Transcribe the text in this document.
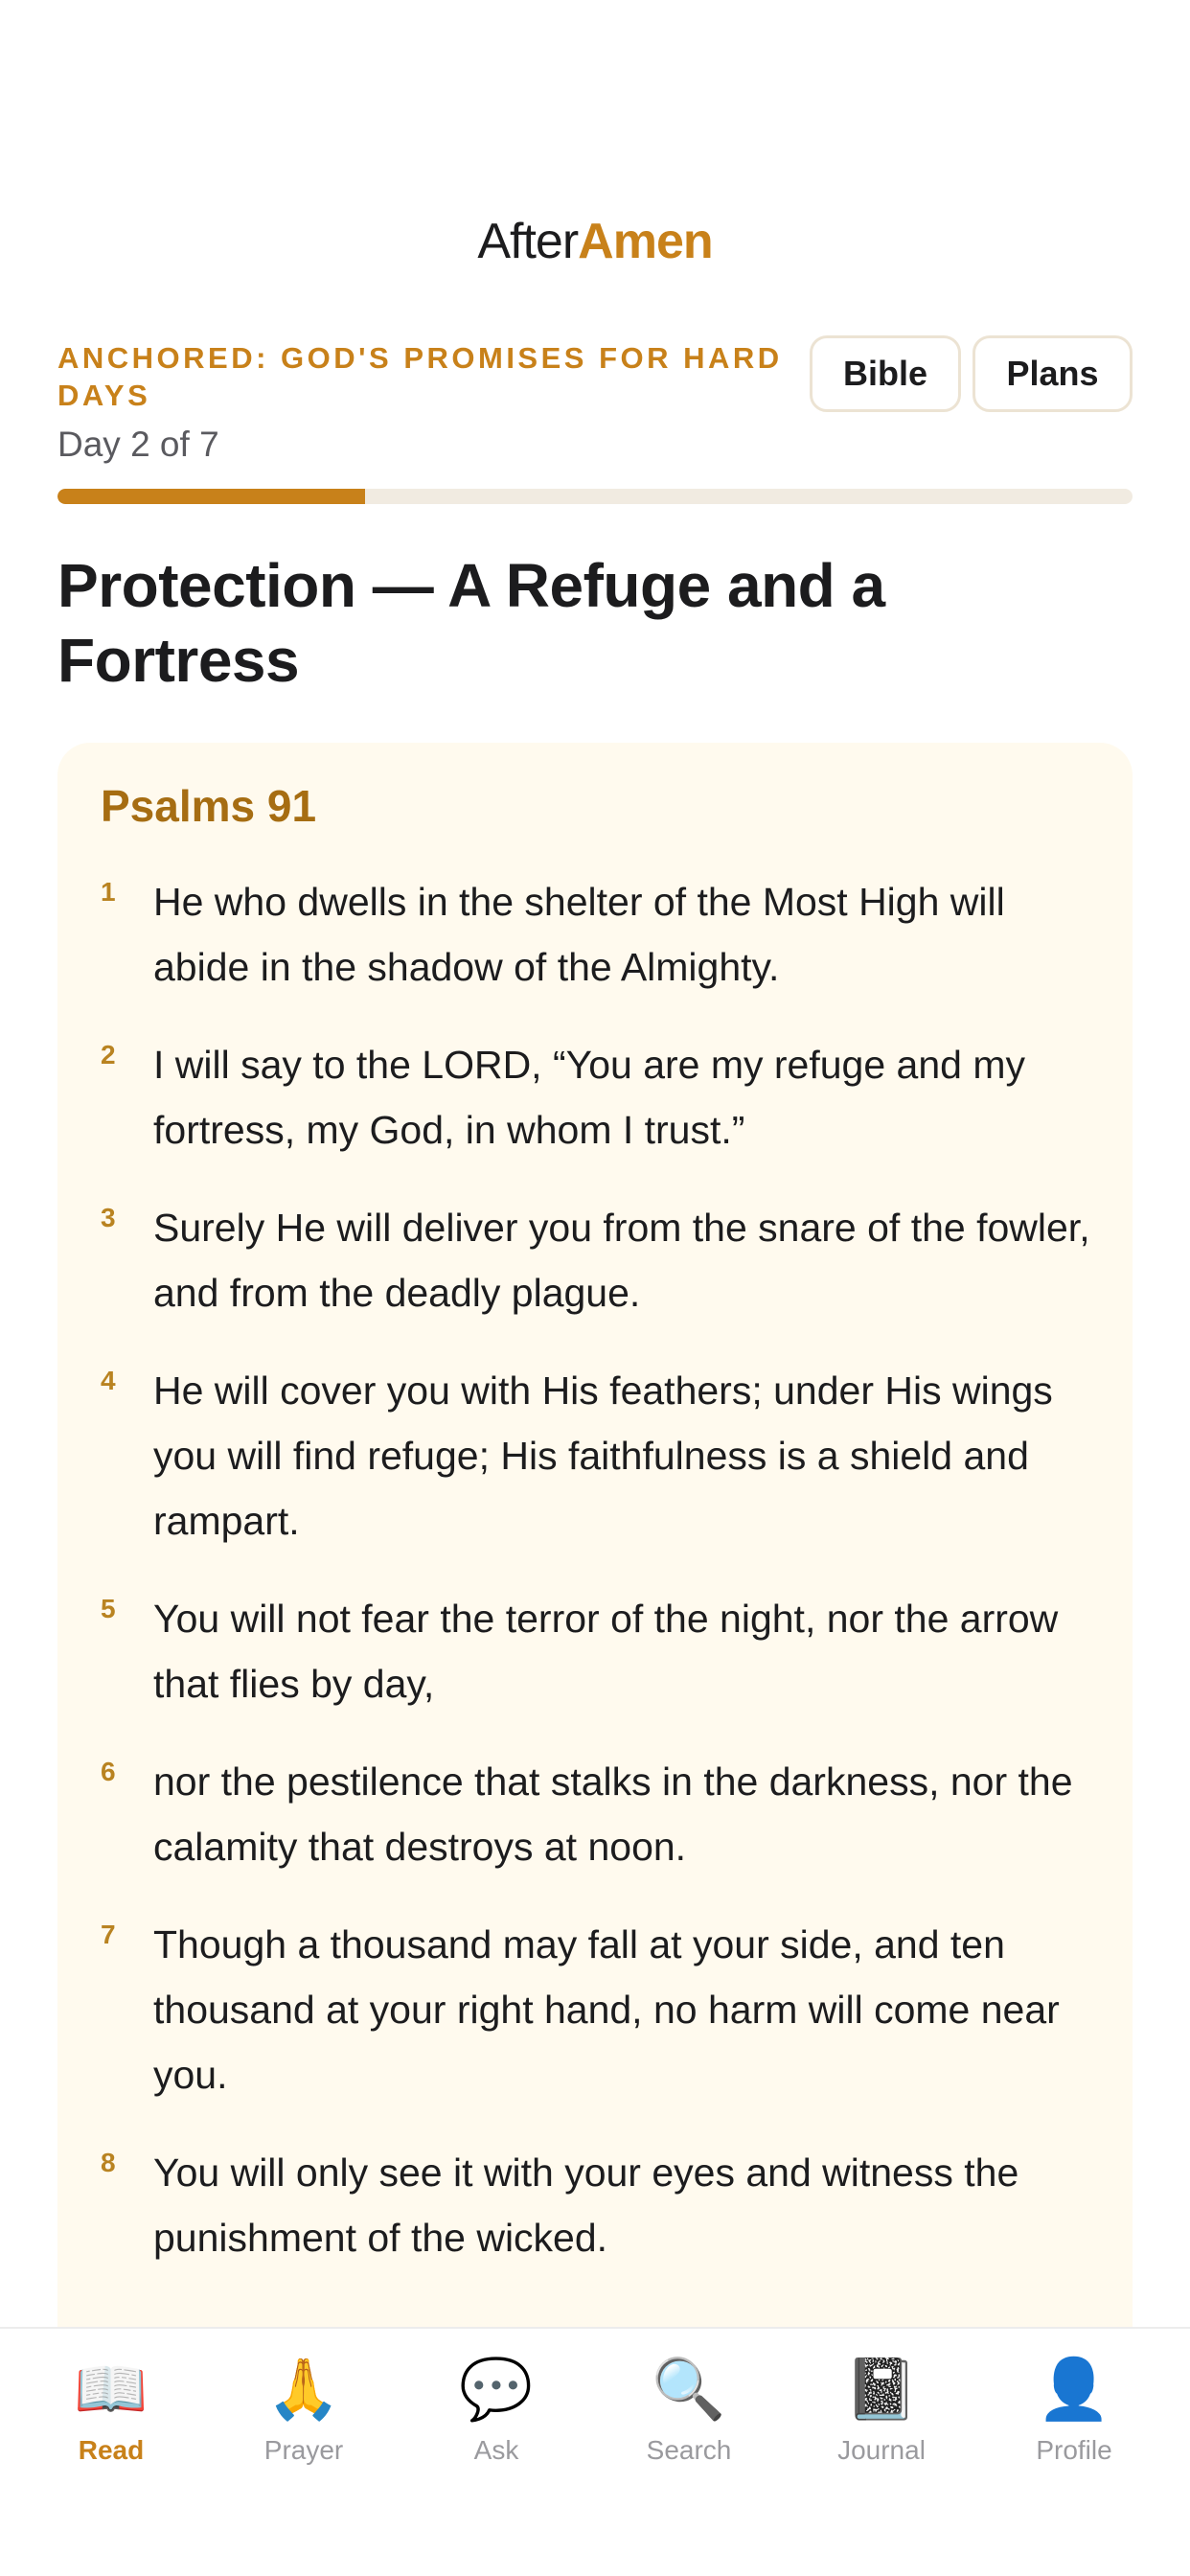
AfterAmen
ANCHORED: GOD'S PROMISES FOR HARD DAYS
Day 2 of 7
Bible	Plans
Protection — A Refuge and a Fortress
Psalms 91
1 He who dwells in the shelter of the Most High will abide in the shadow of the Almighty.
2 I will say to the LORD, “You are my refuge and my fortress, my God, in whom I trust.”
3 Surely He will deliver you from the snare of the fowler, and from the deadly plague.
4 He will cover you with His feathers; under His wings you will find refuge; His faithfulness is a shield and rampart.
5 You will not fear the terror of the night, nor the arrow that flies by day,
6 nor the pestilence that stalks in the darkness, nor the calamity that destroys at noon.
7 Though a thousand may fall at your side, and ten thousand at your right hand, no harm will come near you.
8 You will only see it with your eyes and witness the punishment of the wicked.
📖
Read
🙏
Prayer
💬
Ask
🔍
Search
📓
Journal
👤
Profile
